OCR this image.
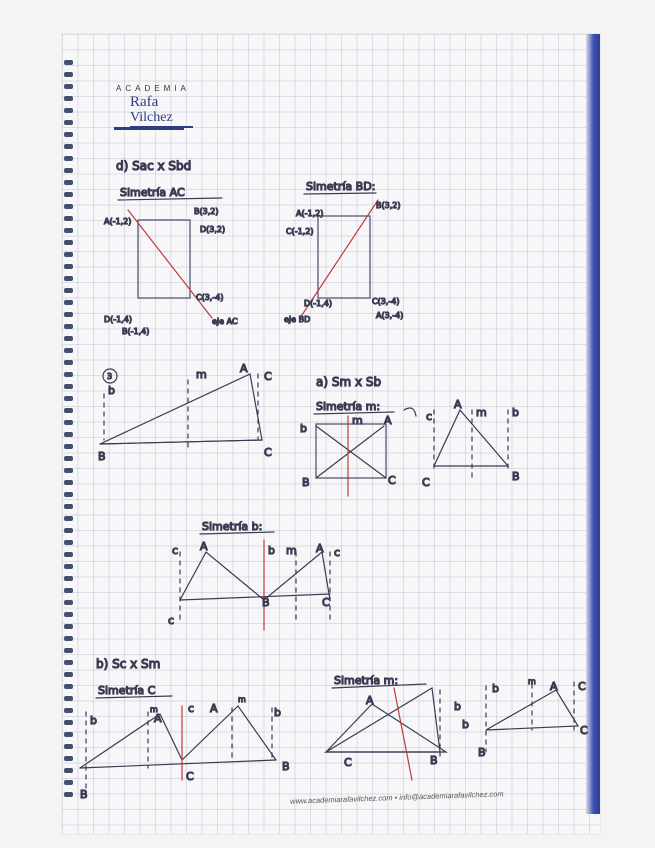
ACADEMIA
Rafa
Vilchez
d) Sac x Sbd
Simetría AC
A(-1,2)
B(3,2)
D(3,2)
C(3,-4)
D(-1,4)
B(-1,4)
eje AC
Simetría BD:
A(-1,2)
B(3,2)
C(-1,2)
D(-1,4)	C(3,-4)
A(3,-4)
eje BD
3	m	A
C
b
B	C
a) Sm x Sb
Simetría m:
b
m A
B	C
c
A
m b
C	B
Simetría b:
c A	b m A c
B	C
c
b) Sc x Sm
Simetría C
b
m
A
c A
m
b
C
B
B
Simetría m:
A	b
C	B
b
b
m A C
B
C
www.academiarafavilchez.com • info@academiarafavilchez.com
